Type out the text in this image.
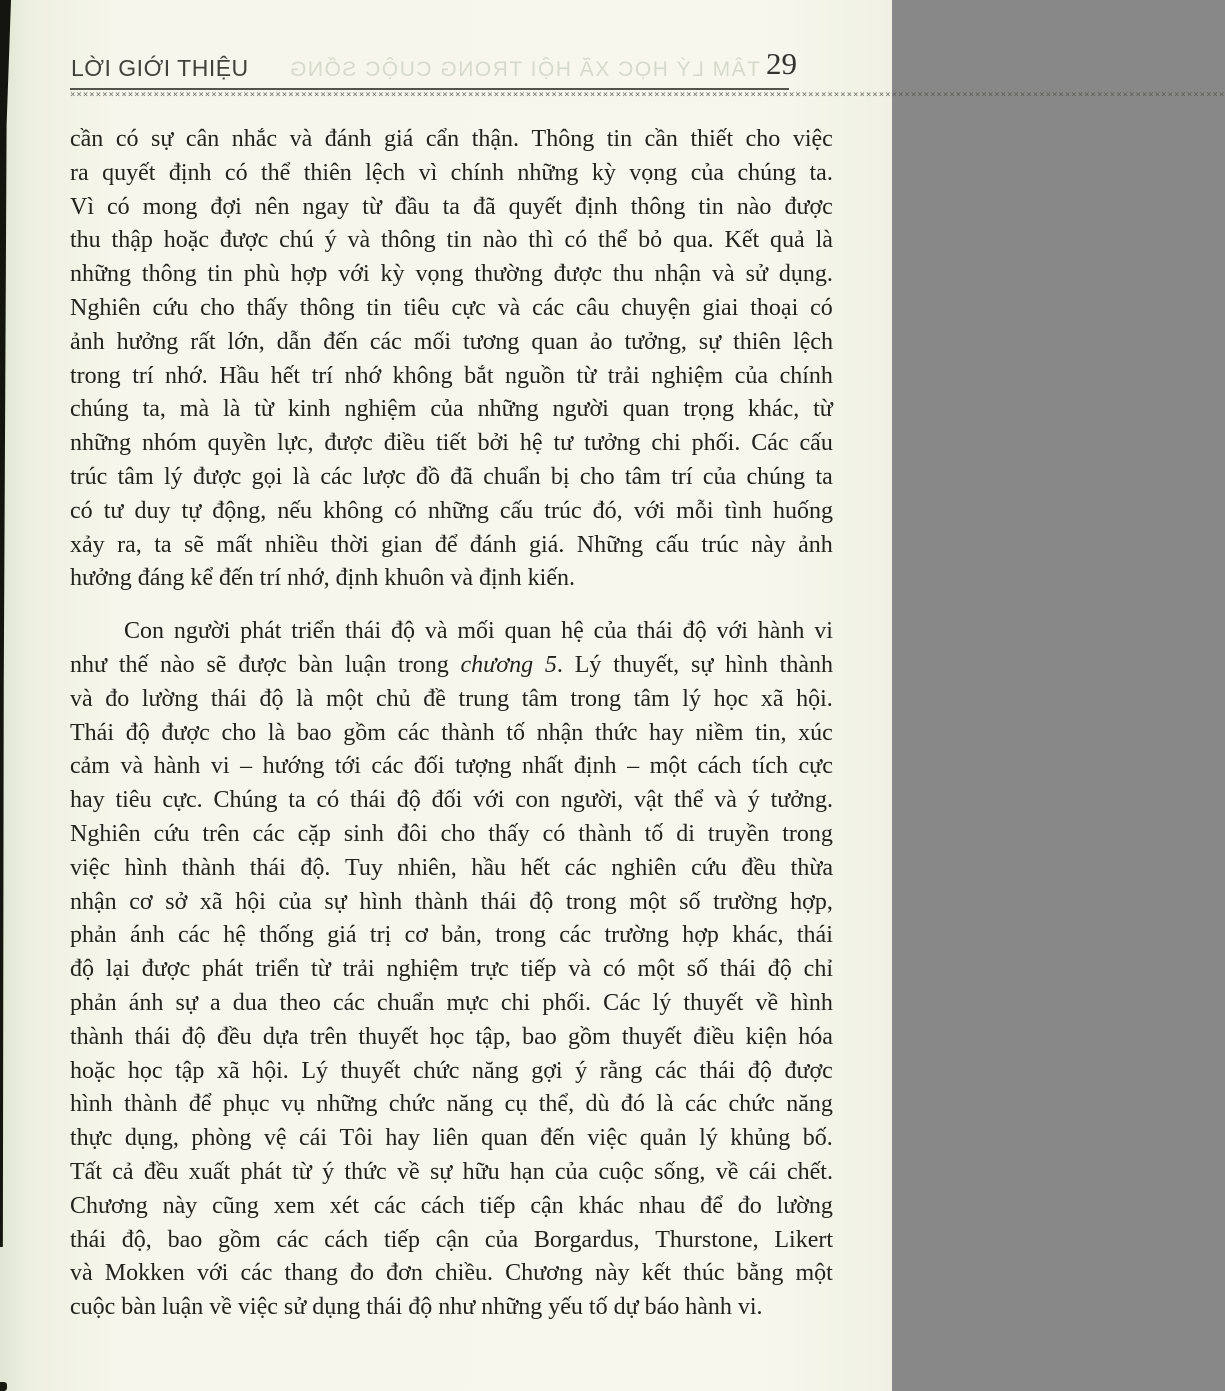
TÂM LÝ HỌC XÃ HỘI TRONG CUỘC SỐNG
LỜI GIỚI THIỆU	29
××××××××××××××××××××××××××××××××××××××××××××××××××××××××××××××××××××××××××××××××××××××××××××××××××××××××××××××××××××××××××××××××××××××××××××××××××××××××××××××××××××××××××××××××××××
cần có sự cân nhắc và đánh giá cẩn thận. Thông tin cần thiết cho việc
ra quyết định có thể thiên lệch vì chính những kỳ vọng của chúng ta.
Vì có mong đợi nên ngay từ đầu ta đã quyết định thông tin nào được
thu thập hoặc được chú ý và thông tin nào thì có thể bỏ qua. Kết quả là
những thông tin phù hợp với kỳ vọng thường được thu nhận và sử dụng.
Nghiên cứu cho thấy thông tin tiêu cực và các câu chuyện giai thoại có
ảnh hưởng rất lớn, dẫn đến các mối tương quan ảo tưởng, sự thiên lệch
trong trí nhớ. Hầu hết trí nhớ không bắt nguồn từ trải nghiệm của chính
chúng ta, mà là từ kinh nghiệm của những người quan trọng khác, từ
những nhóm quyền lực, được điều tiết bởi hệ tư tưởng chi phối. Các cấu
trúc tâm lý được gọi là các lược đồ đã chuẩn bị cho tâm trí của chúng ta
có tư duy tự động, nếu không có những cấu trúc đó, với mỗi tình huống
xảy ra, ta sẽ mất nhiều thời gian để đánh giá. Những cấu trúc này ảnh
hưởng đáng kể đến trí nhớ, định khuôn và định kiến.
Con người phát triển thái độ và mối quan hệ của thái độ với hành vi
như thế nào sẽ được bàn luận trong chương 5. Lý thuyết, sự hình thành
và đo lường thái độ là một chủ đề trung tâm trong tâm lý học xã hội.
Thái độ được cho là bao gồm các thành tố nhận thức hay niềm tin, xúc
cảm và hành vi – hướng tới các đối tượng nhất định – một cách tích cực
hay tiêu cực. Chúng ta có thái độ đối với con người, vật thể và ý tưởng.
Nghiên cứu trên các cặp sinh đôi cho thấy có thành tố di truyền trong
việc hình thành thái độ. Tuy nhiên, hầu hết các nghiên cứu đều thừa
nhận cơ sở xã hội của sự hình thành thái độ trong một số trường hợp,
phản ánh các hệ thống giá trị cơ bản, trong các trường hợp khác, thái
độ lại được phát triển từ trải nghiệm trực tiếp và có một số thái độ chỉ
phản ánh sự a dua theo các chuẩn mực chi phối. Các lý thuyết về hình
thành thái độ đều dựa trên thuyết học tập, bao gồm thuyết điều kiện hóa
hoặc học tập xã hội. Lý thuyết chức năng gợi ý rằng các thái độ được
hình thành để phục vụ những chức năng cụ thể, dù đó là các chức năng
thực dụng, phòng vệ cái Tôi hay liên quan đến việc quản lý khủng bố.
Tất cả đều xuất phát từ ý thức về sự hữu hạn của cuộc sống, về cái chết.
Chương này cũng xem xét các cách tiếp cận khác nhau để đo lường
thái độ, bao gồm các cách tiếp cận của Borgardus, Thurstone, Likert
và Mokken với các thang đo đơn chiều. Chương này kết thúc bằng một
cuộc bàn luận về việc sử dụng thái độ như những yếu tố dự báo hành vi.
